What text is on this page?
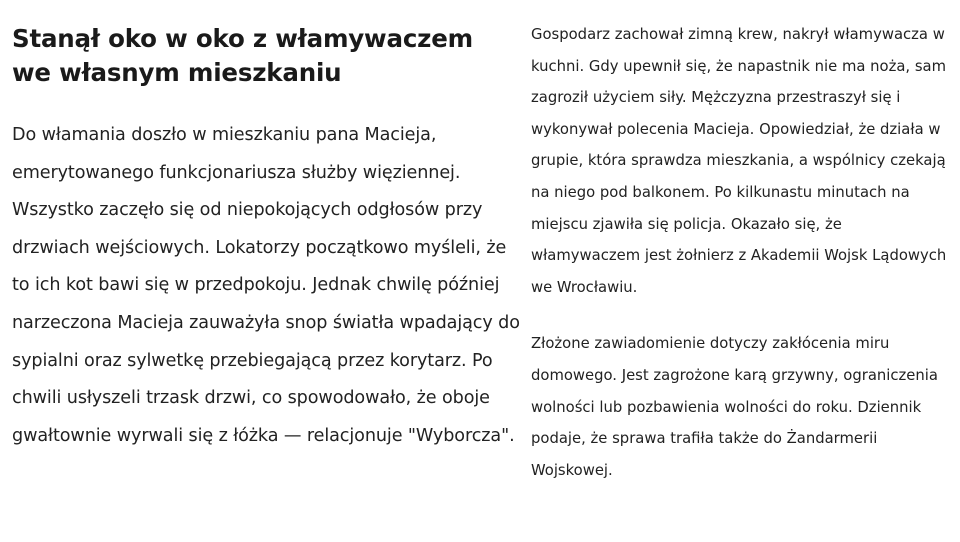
Stanął oko w oko z włamywaczem we własnym mieszkaniu

Do włamania doszło w mieszkaniu pana Macieja, emerytowanego funkcjonariusza służby więziennej. Wszystko zaczęło się od niepokojących odgłosów przy drzwiach wejściowych. Lokatorzy początkowo myśleli, że to ich kot bawi się w przedpokoju. Jednak chwilę później narzeczona Macieja zauważyła snop światła wpadający do sypialni oraz sylwetkę przebiegającą przez korytarz. Po chwili usłyszeli trzask drzwi, co spowodowało, że oboje gwałtownie wyrwali się z łóżka — relacjonuje "Wyborcza".

Gospodarz zachował zimną krew, nakrył włamywacza w kuchni. Gdy upewnił się, że napastnik nie ma noża, sam zagroził użyciem siły. Mężczyzna przestraszył się i wykonywał polecenia Macieja. Opowiedział, że działa w grupie, która sprawdza mieszkania, a wspólnicy czekają na niego pod balkonem. Po kilkunastu minutach na miejscu zjawiła się policja. Okazało się, że włamywaczem jest żołnierz z Akademii Wojsk Lądowych we Wrocławiu.

Złożone zawiadomienie dotyczy zakłócenia miru domowego. Jest zagrożone karą grzywny, ograniczenia wolności lub pozbawienia wolności do roku. Dziennik podaje, że sprawa trafiła także do Żandarmerii Wojskowej.
